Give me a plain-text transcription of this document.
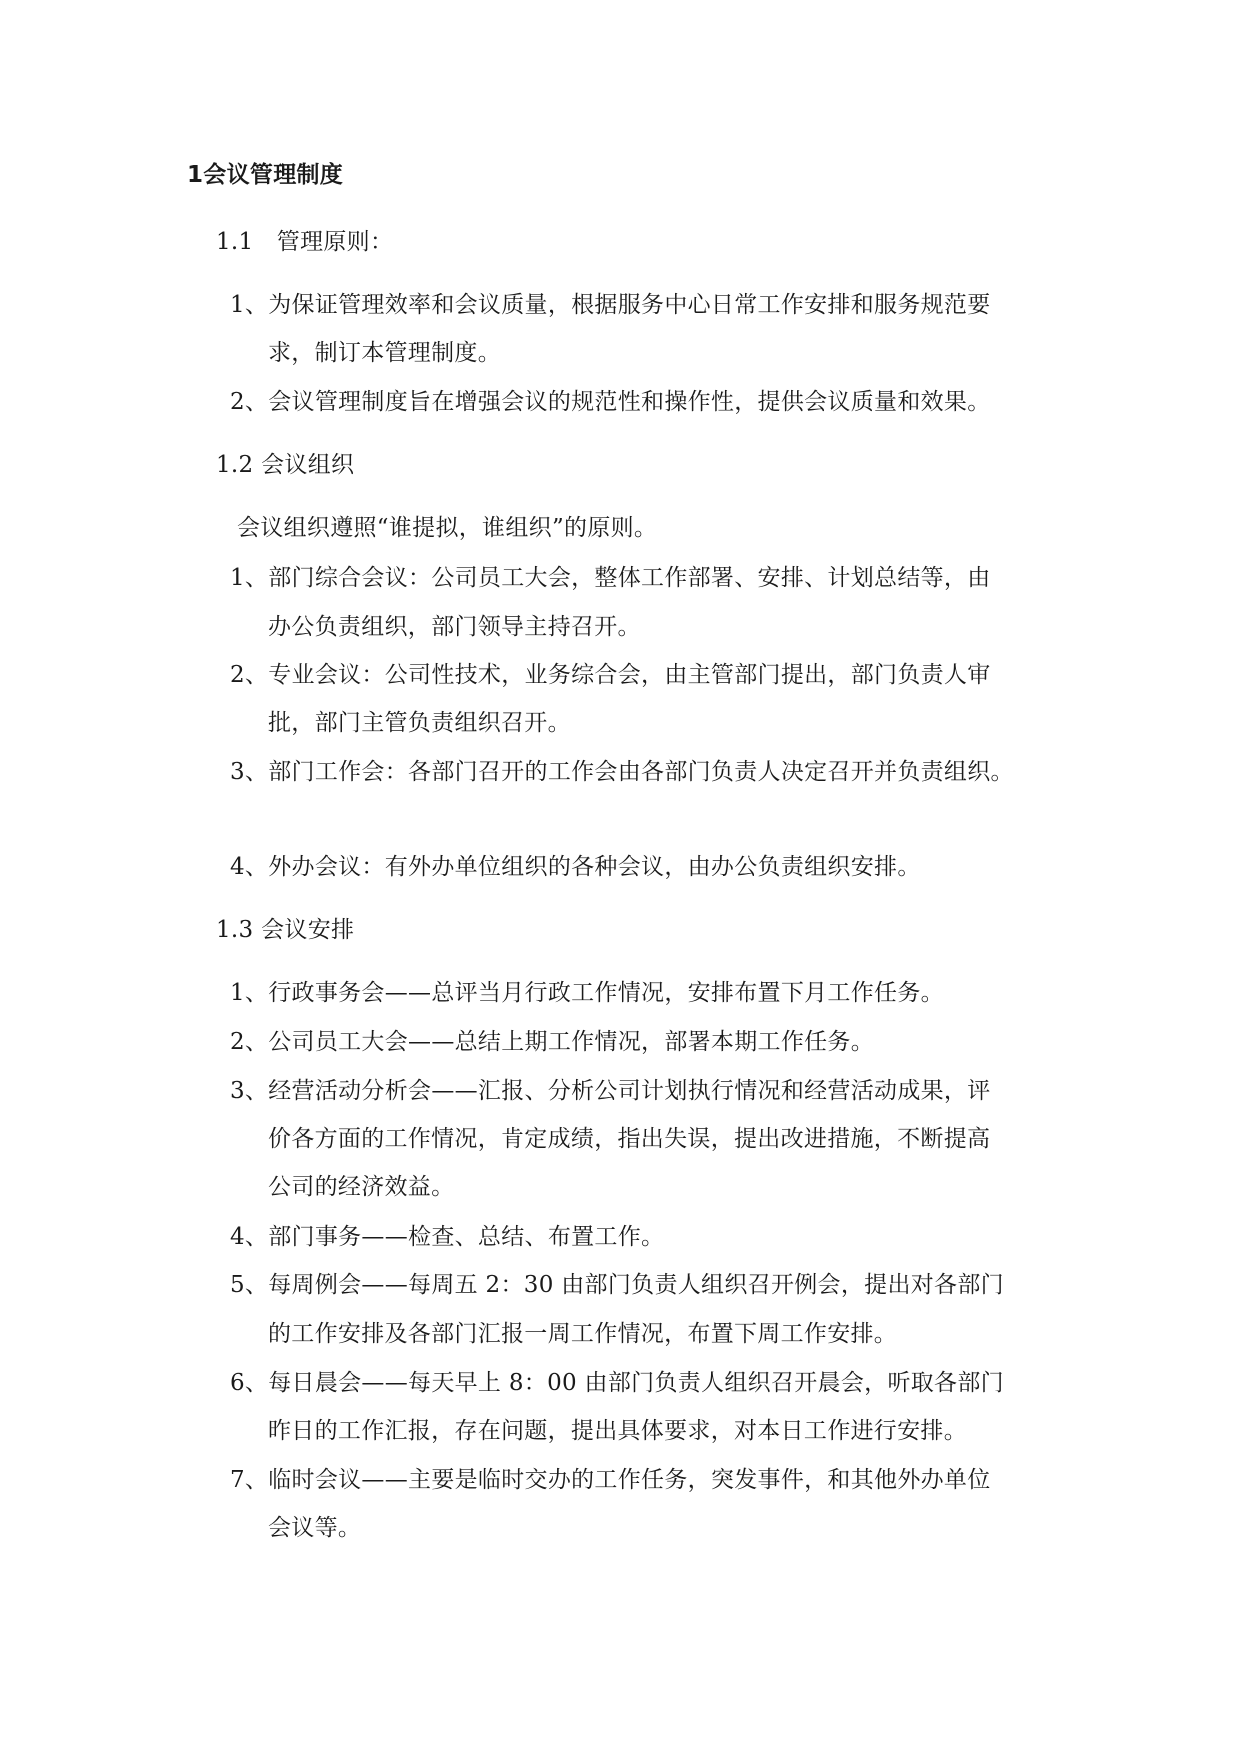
1会议管理制度
1.1　管理原则：
1、为保证管理效率和会议质量，根据服务中心日常工作安排和服务规范要
求，制订本管理制度。
2、会议管理制度旨在增强会议的规范性和操作性，提供会议质量和效果。
1.2 会议组织
会议组织遵照“谁提拟，谁组织”的原则。
1、部门综合会议：公司员工大会，整体工作部署、安排、计划总结等，由
办公负责组织，部门领导主持召开。
2、专业会议：公司性技术，业务综合会，由主管部门提出，部门负责人审
批，部门主管负责组织召开。
3、部门工作会：各部门召开的工作会由各部门负责人决定召开并负责组织。
4、外办会议：有外办单位组织的各种会议，由办公负责组织安排。
1.3 会议安排
1、行政事务会——总评当月行政工作情况，安排布置下月工作任务。
2、公司员工大会——总结上期工作情况，部署本期工作任务。
3、经营活动分析会——汇报、分析公司计划执行情况和经营活动成果，评
价各方面的工作情况，肯定成绩，指出失误，提出改进措施，不断提高
公司的经济效益。
4、部门事务——检查、总结、布置工作。
5、每周例会——每周五 2：30 由部门负责人组织召开例会，提出对各部门
的工作安排及各部门汇报一周工作情况，布置下周工作安排。
6、每日晨会——每天早上 8：00 由部门负责人组织召开晨会，听取各部门
昨日的工作汇报，存在问题，提出具体要求，对本日工作进行安排。
7、临时会议——主要是临时交办的工作任务，突发事件，和其他外办单位
会议等。
